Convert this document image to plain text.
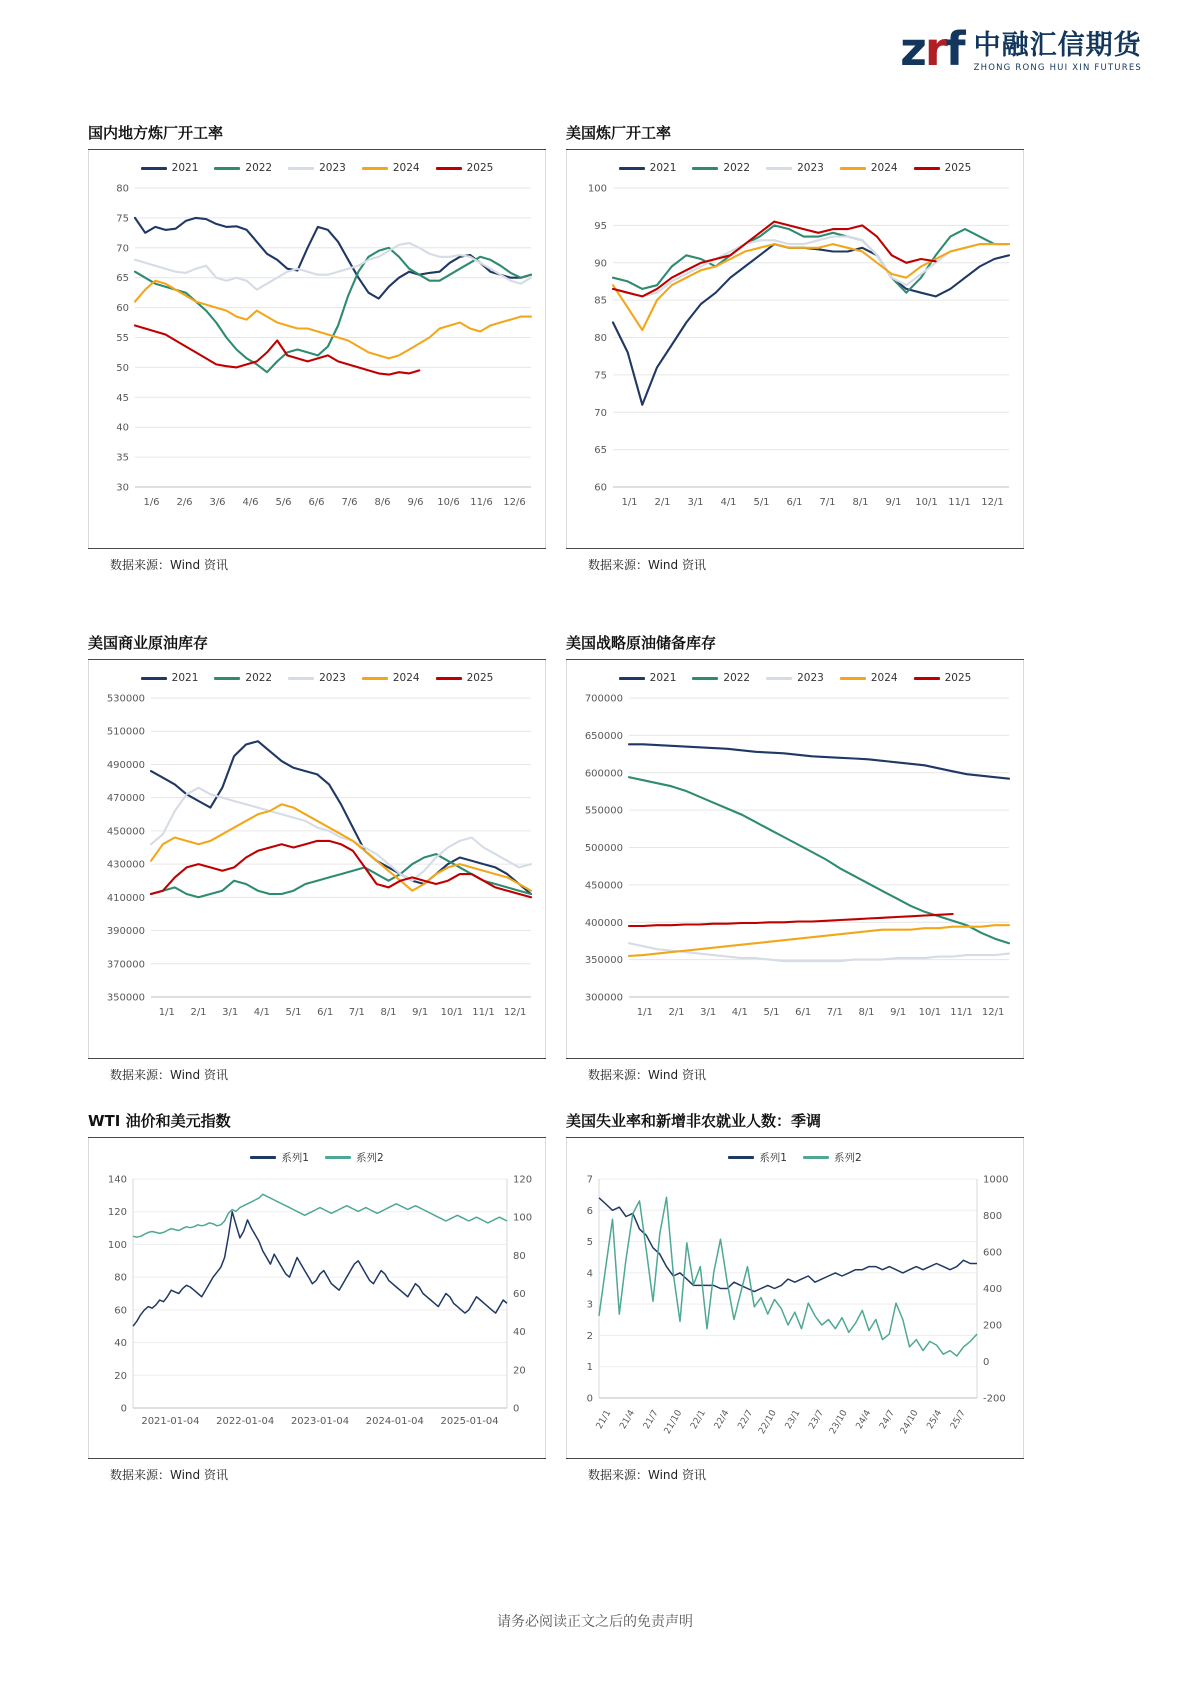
zrf 中融汇信期货
ZHONG RONG HUI XIN FUTURES
国内地方炼厂开工率
2021	2022	2023	2024	2025
30
35
40
45
50
55
60
65
70
75
80
1/6 2/6 3/6 4/6 5/6 6/6 7/6 8/6 9/6 10/6 11/6 12/6
数据来源：Wind 资讯
美国炼厂开工率
2021	2022	2023	2024	2025
60
65
70
75
80
85
90
95
100
1/1 2/1 3/1 4/1 5/1 6/1 7/1 8/1 9/1 10/1 11/1 12/1
数据来源：Wind 资讯
美国商业原油库存
2021	2022	2023	2024	2025
350000
370000
390000
410000
430000
450000
470000
490000
510000
530000
1/1 2/1 3/1 4/1 5/1 6/1 7/1 8/1 9/1 10/1 11/1 12/1
数据来源：Wind 资讯
美国战略原油储备库存
2021	2022	2023	2024	2025
300000
350000
400000
450000
500000
550000
600000
650000
700000
1/1 2/1 3/1 4/1 5/1 6/1 7/1 8/1 9/1 10/1 11/1 12/1
数据来源：Wind 资讯
WTI 油价和美元指数
系列1	系列2
0
20
40
60
80
100
120
140
0
20
40
60
80
100
120
2021-01-04 2022-01-04 2023-01-04 2024-01-04 2025-01-04
数据来源：Wind 资讯
美国失业率和新增非农就业人数：季调
系列1	系列2
0
1
2
3
4
5
6
7
-200
0
200
400
600
800
1000
21/1 21/4 21/7 21/10 22/1 22/4 22/7 22/10 23/1 23/7 23/10 24/4 24/7 24/10 25/4 25/7
数据来源：Wind 资讯
请务必阅读正文之后的免责声明
